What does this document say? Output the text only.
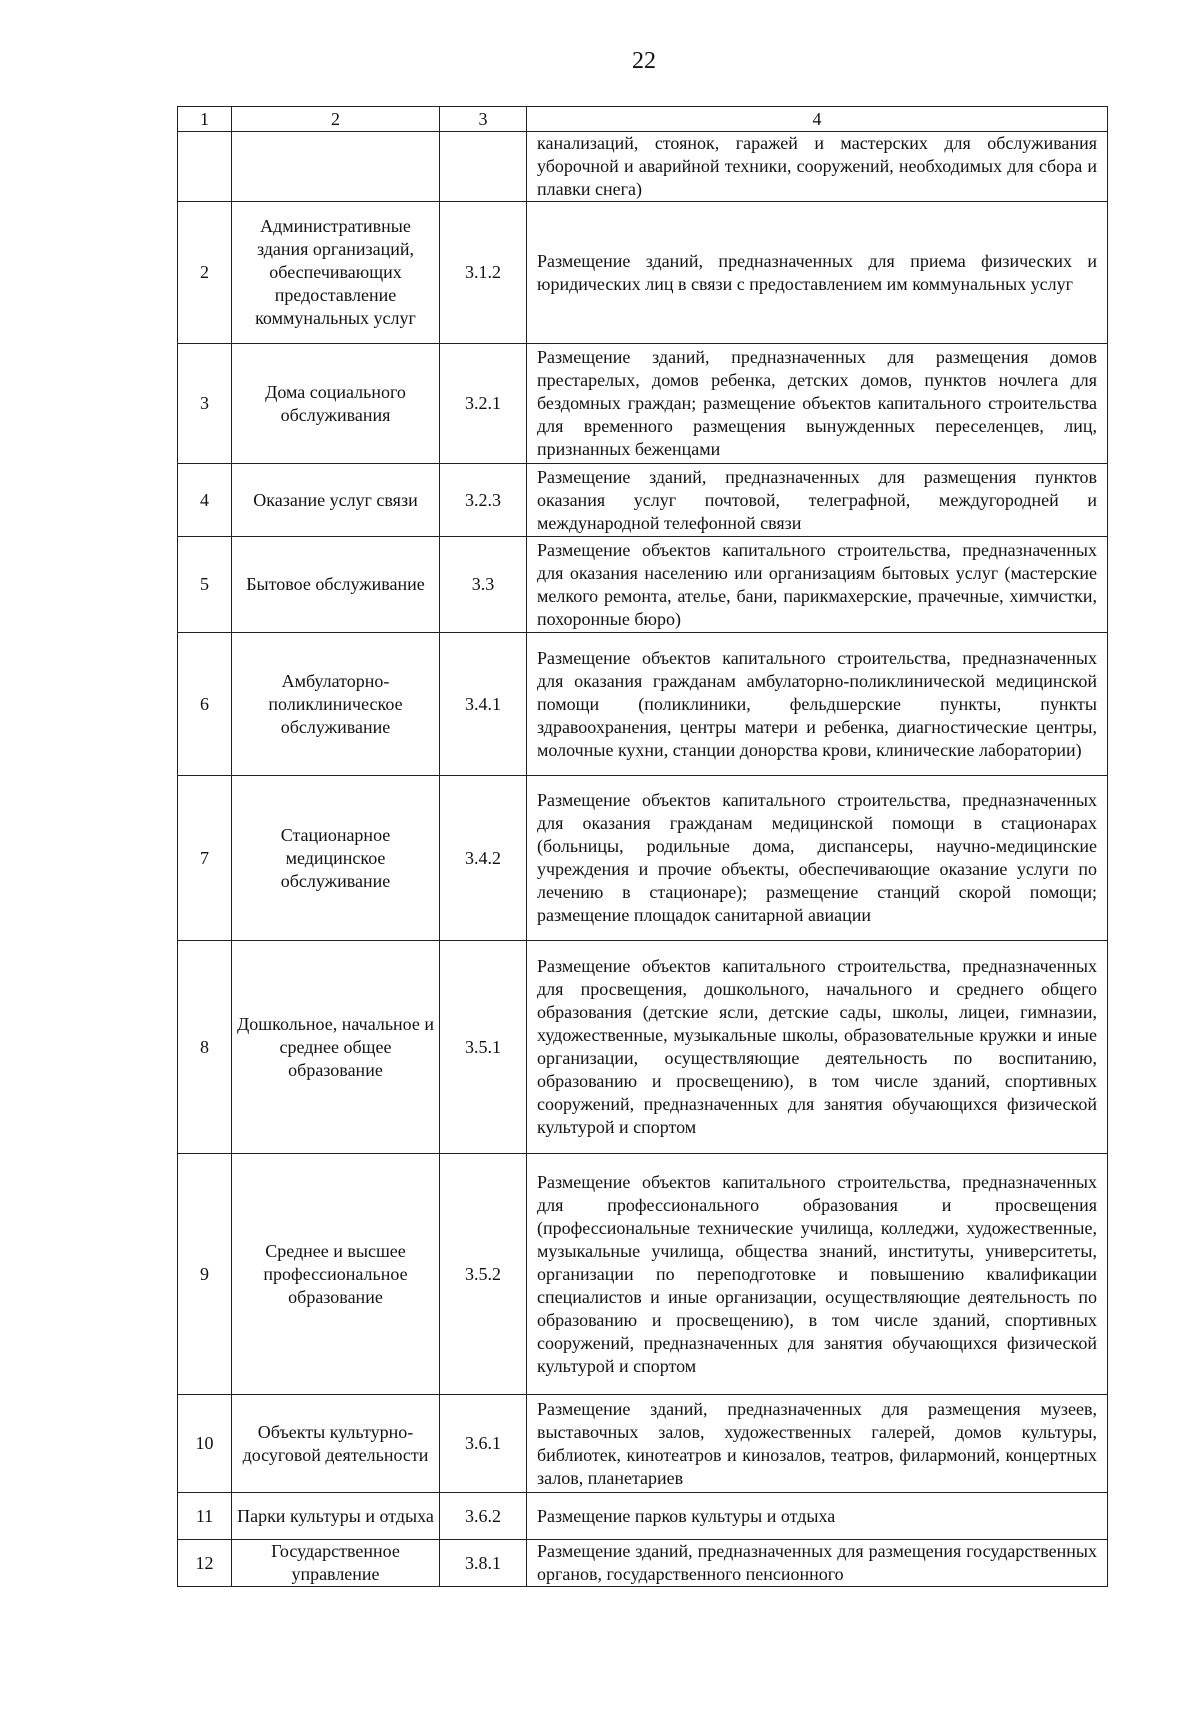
22
1	2	3	4
			канализаций, стоянок, гаражей и мастерских для обслуживания уборочной и аварийной техники, сооружений, необходимых для сбора и плавки снега)
2	Административные здания организаций, обеспечивающих предоставление коммунальных услуг	3.1.2	Размещение зданий, предназначенных для приема физических и юридических лиц в связи с предоставлением им коммунальных услуг
3	Дома социального обслуживания	3.2.1	Размещение зданий, предназначенных для размещения домов престарелых, домов ребенка, детских домов, пунктов ночлега для бездомных граждан; размещение объектов капитального строительства для временного размещения вынужденных переселенцев, лиц, признанных беженцами
4	Оказание услуг связи	3.2.3	Размещение зданий, предназначенных для размещения пунктов оказания услуг почтовой, телеграфной, междугородней и международной телефонной связи
5	Бытовое обслуживание	3.3	Размещение объектов капитального строительства, предназначенных для оказания населению или организациям бытовых услуг (мастерские мелкого ремонта, ателье, бани, парикмахерские, прачечные, химчистки, похоронные бюро)
6	Амбулаторно-поликлиническое обслуживание	3.4.1	Размещение объектов капитального строительства, предназначенных для оказания гражданам амбулаторно-поликлинической медицинской помощи (поликлиники, фельдшерские пункты, пункты здравоохранения, центры матери и ребенка, диагностические центры, молочные кухни, станции донорства крови, клинические лаборатории)
7	Стационарное медицинское обслуживание	3.4.2	Размещение объектов капитального строительства, предназначенных для оказания гражданам медицинской помощи в стационарах (больницы, родильные дома, диспансеры, научно-медицинские учреждения и прочие объекты, обеспечивающие оказание услуги по лечению в стационаре); размещение станций скорой помощи; размещение площадок санитарной авиации
8	Дошкольное, начальное и среднее общее образование	3.5.1	Размещение объектов капитального строительства, предназначенных для просвещения, дошкольного, начального и среднего общего образования (детские ясли, детские сады, школы, лицеи, гимназии, художественные, музыкальные школы, образовательные кружки и иные организации, осуществляющие деятельность по воспитанию, образованию и просвещению), в том числе зданий, спортивных сооружений, предназначенных для занятия обучающихся физической культурой и спортом
9	Среднее и высшее профессиональное образование	3.5.2	Размещение объектов капитального строительства, предназначенных для профессионального образования и просвещения (профессиональные технические училища, колледжи, художественные, музыкальные училища, общества знаний, институты, университеты, организации по переподготовке и повышению квалификации специалистов и иные организации, осуществляющие деятельность по образованию и просвещению), в том числе зданий, спортивных сооружений, предназначенных для занятия обучающихся физической культурой и спортом
10	Объекты культурно-досуговой деятельности	3.6.1	Размещение зданий, предназначенных для размещения музеев, выставочных залов, художественных галерей, домов культуры, библиотек, кинотеатров и кинозалов, театров, филармоний, концертных залов, планетариев
11	Парки культуры и отдыха	3.6.2	Размещение парков культуры и отдыха
12	Государственное управление	3.8.1	Размещение зданий, предназначенных для размещения государственных органов, государственного пенсионного
